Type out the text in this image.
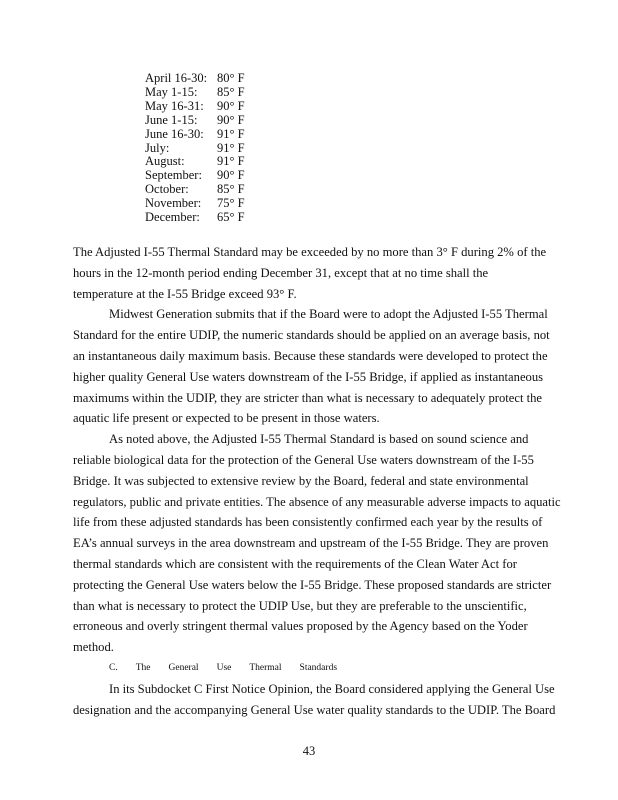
April 16-30: 80° F
May 1-15:	85° F
May 16-31:	90° F
June 1-15:	90° F
June 16-30:	91° F
July:	91° F
August:	91° F
September:	90° F
October:	85° F
November:	75° F
December:	65° F
The Adjusted I-55 Thermal Standard may be exceeded by no more than 3° F during 2% of the
hours in the 12-month period ending December 31, except that at no time shall the
temperature at the I-55 Bridge exceed 93° F.
Midwest Generation submits that if the Board were to adopt the Adjusted I-55 Thermal
Standard for the entire UDIP, the numeric standards should be applied on an average basis, not
an instantaneous daily maximum basis. Because these standards were developed to protect the
higher quality General Use waters downstream of the I-55 Bridge, if applied as instantaneous
maximums within the UDIP, they are stricter than what is necessary to adequately protect the
aquatic life present or expected to be present in those waters.
As noted above, the Adjusted I-55 Thermal Standard is based on sound science and
reliable biological data for the protection of the General Use waters downstream of the I-55
Bridge. It was subjected to extensive review by the Board, federal and state environmental
regulators, public and private entities. The absence of any measurable adverse impacts to aquatic
life from these adjusted standards has been consistently confirmed each year by the results of
EA’s annual surveys in the area downstream and upstream of the I-55 Bridge. They are proven
thermal standards which are consistent with the requirements of the Clean Water Act for
protecting the General Use waters below the I-55 Bridge. These proposed standards are stricter
than what is necessary to protect the UDIP Use, but they are preferable to the unscientific,
erroneous and overly stringent thermal values proposed by the Agency based on the Yoder
method.
C. The General Use Thermal Standards
In its Subdocket C First Notice Opinion, the Board considered applying the General Use
designation and the accompanying General Use water quality standards to the UDIP. The Board
43
